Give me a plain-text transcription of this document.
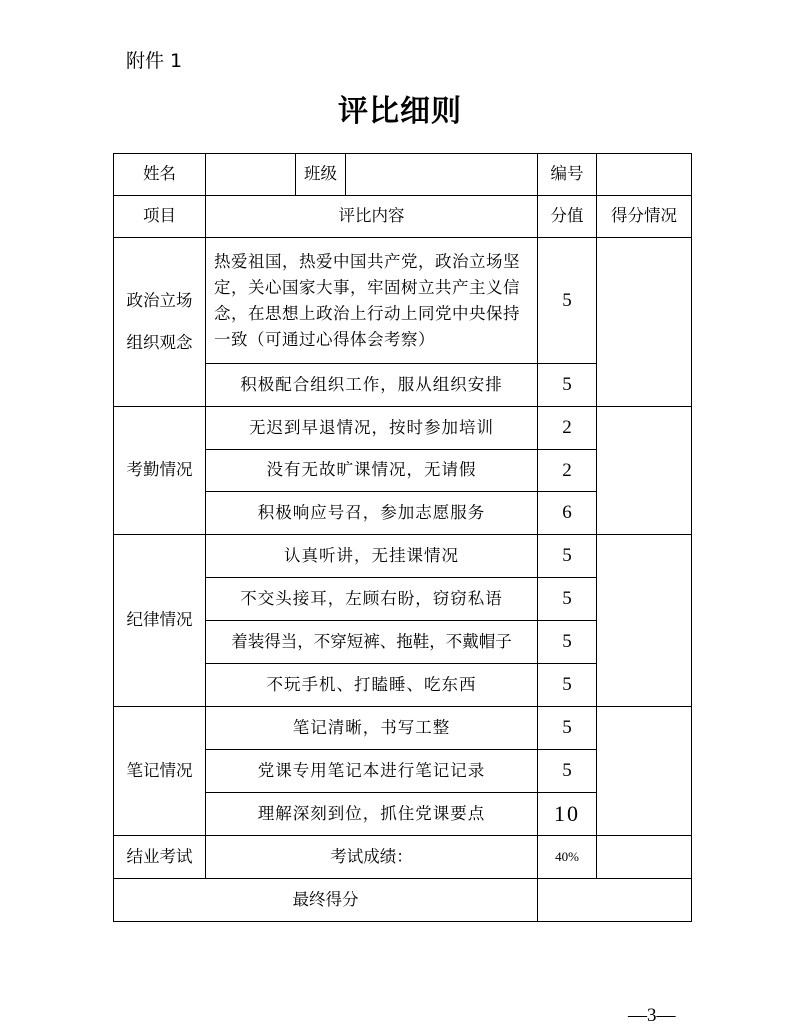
附件 1
评比细则
姓名		班级		编号	
项目	评比内容			分值	得分情况
政治立场
组织观念	热爱祖国，热爱中国共产党，政治立场坚定，关心国家大事，牢固树立共产主义信念，在思想上政治上行动上同党中央保持一致（可通过心得体会考察）			5	
	积极配合组织工作，服从组织安排			5	
考勤情况	无迟到早退情况，按时参加培训			2	
	没有无故旷课情况，无请假			2	
	积极响应号召，参加志愿服务			6	
纪律情况	认真听讲，无挂课情况			5	
	不交头接耳，左顾右盼，窃窃私语			5	
	着装得当，不穿短裤、拖鞋，不戴帽子			5	
	不玩手机、打瞌睡、吃东西			5	
笔记情况	笔记清晰，书写工整			5	
	党课专用笔记本进行笔记记录			5	
	理解深刻到位，抓住党课要点			10	
结业考试	考试成绩：			40%	
最终得分					
—3—
